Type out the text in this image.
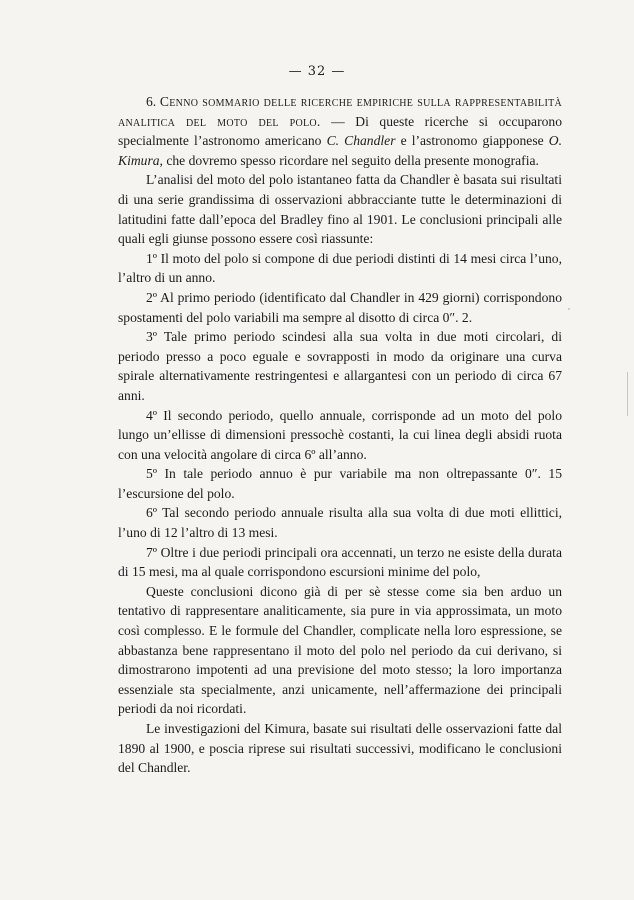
— 32 —

6. Cenno sommario delle ricerche empiriche sulla rappresentabilità analitica del moto del polo. — Di queste ricerche si occuparono specialmente l’astronomo americano C. Chandler e l’astronomo giapponese O. Kimura, che dovremo spesso ricordare nel seguito della presente monografia.

L’analisi del moto del polo istantaneo fatta da Chandler è basata sui risultati di una serie grandissima di osservazioni abbracciante tutte le determinazioni di latitudini fatte dall’epoca del Bradley fino al 1901. Le conclusioni principali alle quali egli giunse possono essere così riassunte:

1º Il moto del polo si compone di due periodi distinti di 14 mesi circa l’uno, l’altro di un anno.

2º Al primo periodo (identificato dal Chandler in 429 giorni) corrispondono spostamenti del polo variabili ma sempre al disotto di circa 0″. 2.

3º Tale primo periodo scindesi alla sua volta in due moti circolari, di periodo presso a poco eguale e sovrapposti in modo da originare una curva spirale alternativamente restringentesi e allargantesi con un periodo di circa 67 anni.

4º Il secondo periodo, quello annuale, corrisponde ad un moto del polo lungo un’ellisse di dimensioni pressochè costanti, la cui linea degli absidi ruota con una velocità angolare di circa 6º all’anno.

5º In tale periodo annuo è pur variabile ma non oltrepassante 0″. 15 l’escursione del polo.

6º Tal secondo periodo annuale risulta alla sua volta di due moti ellittici, l’uno di 12 l’altro di 13 mesi.

7º Oltre i due periodi principali ora accennati, un terzo ne esiste della durata di 15 mesi, ma al quale corrispondono escursioni minime del polo,

Queste conclusioni dicono già di per sè stesse come sia ben arduo un tentativo di rappresentare analiticamente, sia pure in via approssimata, un moto così complesso. E le formule del Chandler, complicate nella loro espressione, se abbastanza bene rappresentano il moto del polo nel periodo da cui derivano, si dimostrarono impotenti ad una previsione del moto stesso; la loro importanza essenziale sta specialmente, anzi unicamente, nell’affermazione dei principali periodi da noi ricordati.

Le investigazioni del Kimura, basate sui risultati delle osservazioni fatte dal 1890 al 1900, e poscia riprese sui risultati successivi, modificano le conclusioni del Chandler.
